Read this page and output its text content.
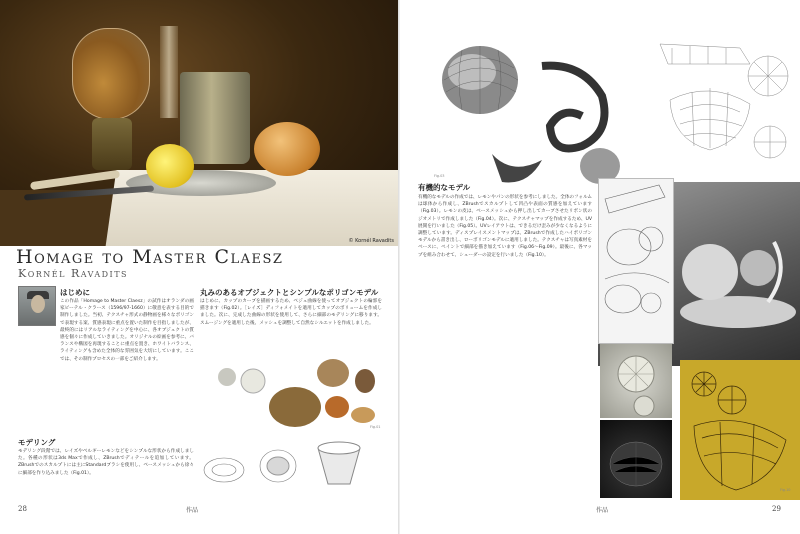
© Kornél Ravadits
Homage to Master Claesz
Kornél Ravadits
はじめに
この作品「Homage to Master Claesz」の試作はオランダの画家ピーテル・クラース（1596/97-1660）に敬意を表する目的で制作しました。当初、テクスチャ形式の静物画を様々なポリゴンで表現する案、質感表現に重点を置いた制作を目指しましたが、最終的にはリアルなライティングを中心に、各オブジェクトの質感を個々に作成していきました。オリジナルの絵画を参考に、バランスや構図を再現することに重点を置き、ホワイトバランス、ライティングも含めた全体的な雰囲気を大切にしています。ここでは、その制作プロセスの一部をご紹介します。
モデリング
モデリング段階では、レイズやベルギーレモンなどをシンプルな形状から作成しました。各種の形状は3ds Maxで作成し、ZBrushでディテールを追加しています。ZBrushでのスカルプトには主にStandardブラシを使用し、ベースメッシュから徐々に細部を作り込みました（Fig.01）。
丸みのあるオブジェクトとシンプルなポリゴンモデル
はじめに、カップのカーブを描画するため、ベジェ曲線を使ってオブジェクトの輪郭を描きます（Fig.02）。［レイズ］ディフォメイトを適用してカップのボリュームを作成しました。次に、完成した曲線の形状を使用して、さらに細部のモデリングに移ります。スムージングを適用した後、メッシュを調整して自然なシルエットを作成しました。
Fig.01
28	作品
Fig.03
有機的なモデル
有機的なモデルの作成では、レモンやパンの形状を参考にしました。全体のフォルムは球体から作成し、ZBrushでスカルプトして凹凸や表面の質感を加えています（Fig.03）。レモンの皮は、ベースメッシュから押し出してカーブさせたリボン状のジオメトリで作成しました（Fig.04）。次に、テクスチャマップを作成するため、UV展開を行いました（Fig.05）。UVレイアウトは、できるだけ歪みが少なくなるように調整しています。ディスプレイスメントマップは、ZBrushで作成したハイポリゴンモデルから書き出し、ローポリゴンモデルに適用しました。テクスチャは写真素材をベースに、ペイントで細部を描き加えています（Fig.06～Fig.09）。最後に、各マップを組み合わせて、シェーダーの設定を行いました（Fig.10）。
Fig.10
作品	29
